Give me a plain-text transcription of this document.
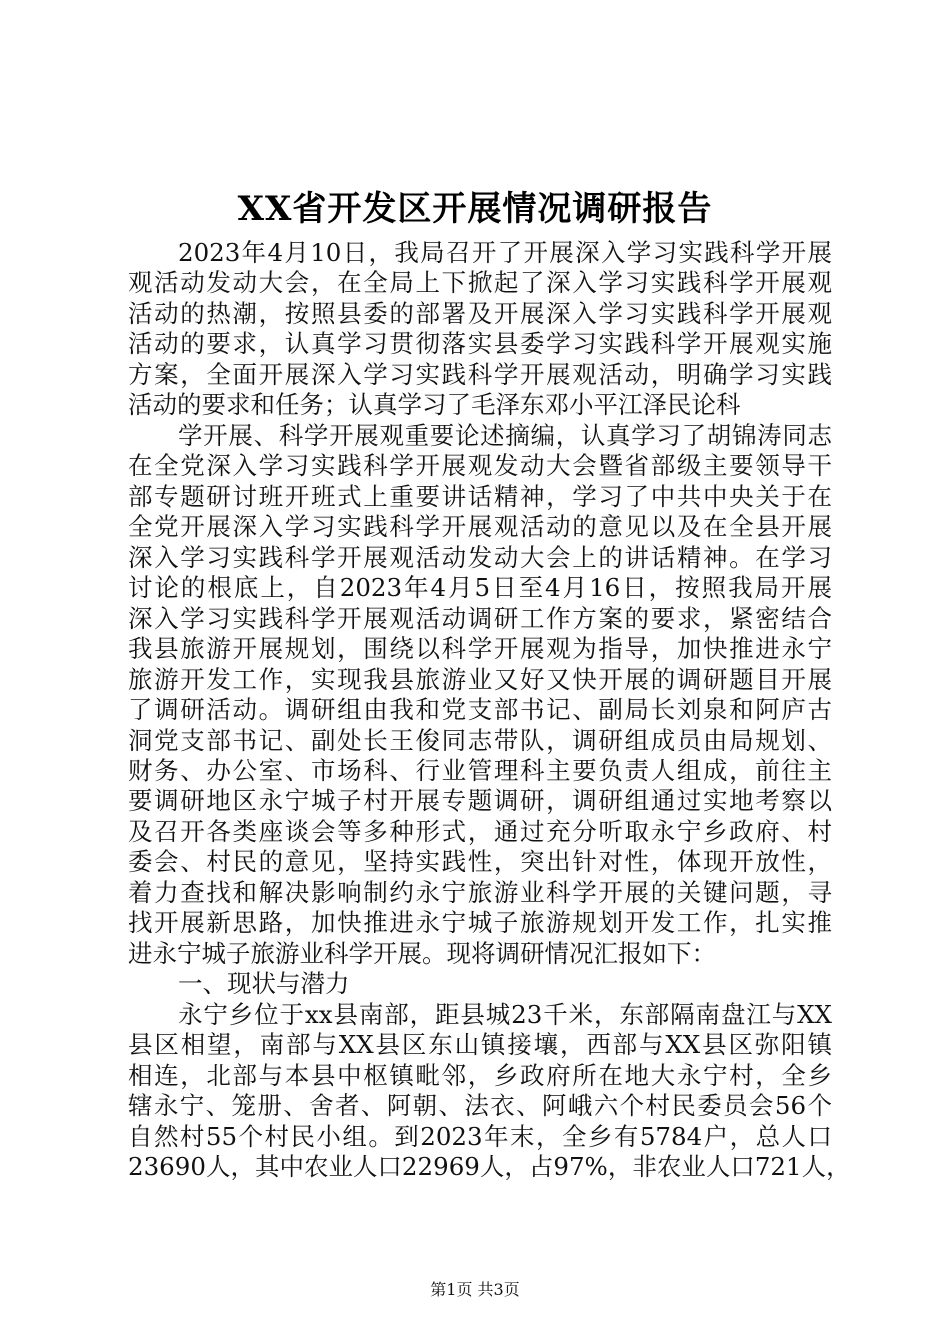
XX省开发区开展情况调研报告
2023年4月10日，我局召开了开展深入学习实践科学开展
观活动发动大会，在全局上下掀起了深入学习实践科学开展观
活动的热潮，按照县委的部署及开展深入学习实践科学开展观
活动的要求，认真学习贯彻落实县委学习实践科学开展观实施
方案，全面开展深入学习实践科学开展观活动，明确学习实践
活动的要求和任务；认真学习了毛泽东邓小平江泽民论科
学开展、科学开展观重要论述摘编，认真学习了胡锦涛同志
在全党深入学习实践科学开展观发动大会暨省部级主要领导干
部专题研讨班开班式上重要讲话精神，学习了中共中央关于在
全党开展深入学习实践科学开展观活动的意见以及在全县开展
深入学习实践科学开展观活动发动大会上的讲话精神。在学习
讨论的根底上，自2023年4月5日至4月16日，按照我局开展
深入学习实践科学开展观活动调研工作方案的要求，紧密结合
我县旅游开展规划，围绕以科学开展观为指导，加快推进永宁
旅游开发工作，实现我县旅游业又好又快开展的调研题目开展
了调研活动。调研组由我和党支部书记、副局长刘泉和阿庐古
洞党支部书记、副处长王俊同志带队，调研组成员由局规划、
财务、办公室、市场科、行业管理科主要负责人组成，前往主
要调研地区永宁城子村开展专题调研，调研组通过实地考察以
及召开各类座谈会等多种形式，通过充分听取永宁乡政府、村
委会、村民的意见，坚持实践性，突出针对性，体现开放性，
着力查找和解决影响制约永宁旅游业科学开展的关键问题，寻
找开展新思路，加快推进永宁城子旅游规划开发工作，扎实推
进永宁城子旅游业科学开展。现将调研情况汇报如下：
一、现状与潜力
永宁乡位于xx县南部，距县城23千米，东部隔南盘江与XX
县区相望，南部与XX县区东山镇接壤，西部与XX县区弥阳镇
相连，北部与本县中枢镇毗邻，乡政府所在地大永宁村，全乡
辖永宁、笼册、舍者、阿朝、法衣、阿峨六个村民委员会56个
自然村55个村民小组。到2023年末，全乡有5784户，总人口
23690人，其中农业人口22969人，占97%，非农业人口721人，
第1页 共3页
